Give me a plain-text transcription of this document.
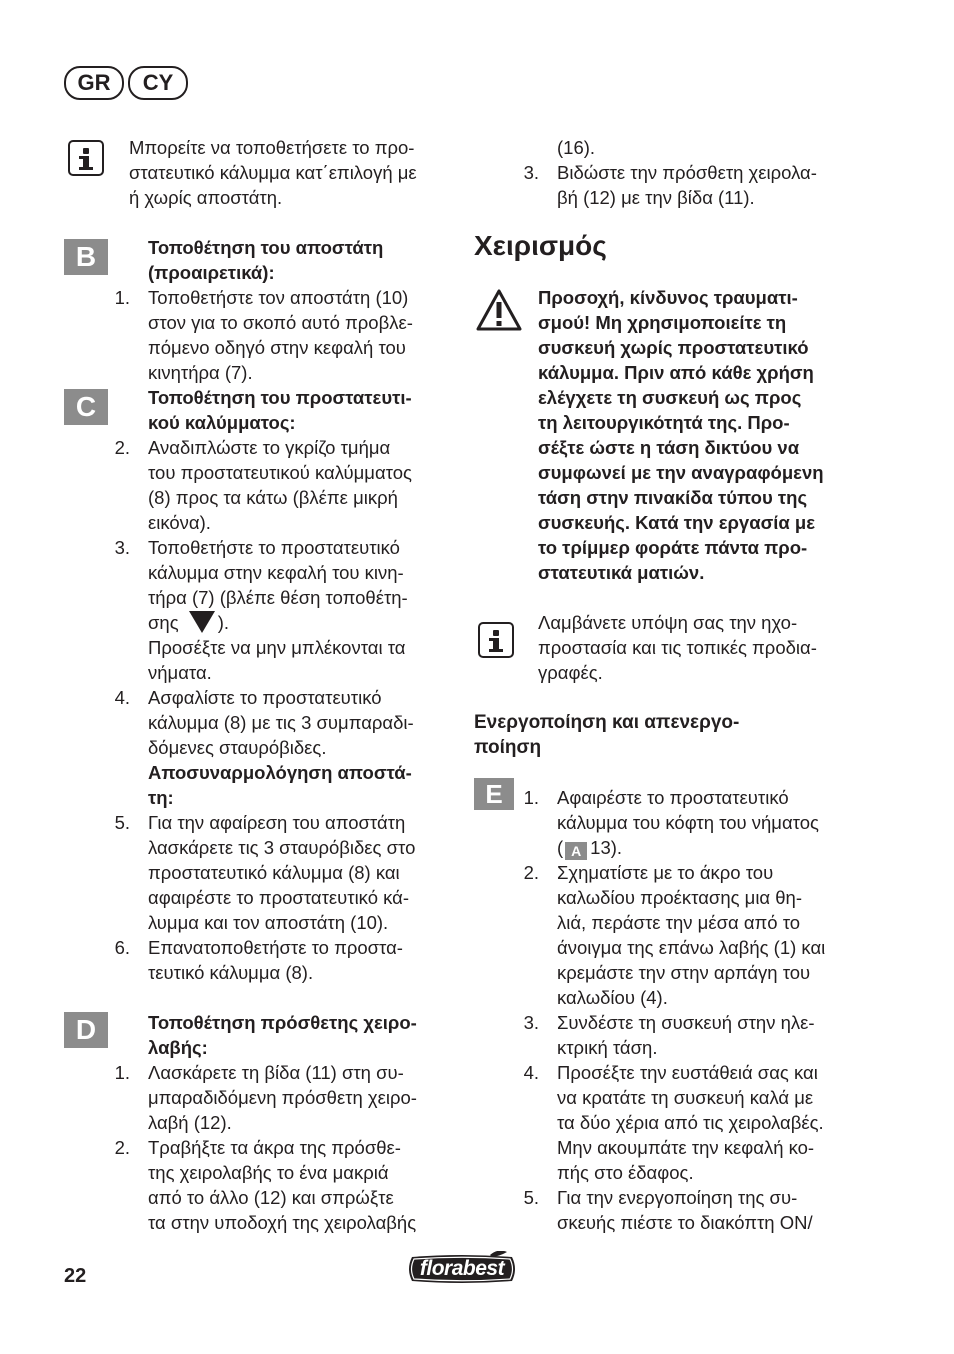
GR	CY
Μπορείτε να τοποθετήσετε το προ-
στατευτικό κάλυμμα κατ΄επιλογή με
ή χωρίς αποστάτη.
B	Τοποθέτηση του αποστάτη
(προαιρετικά):
1. Τοποθετήστε τον αποστάτη (10)
στον για το σκοπό αυτό προβλε-
πόμενο οδηγό στην κεφαλή του
κινητήρα (7).
C	Τοποθέτηση του προστατευτι-
κού καλύμματος:
2. Αναδιπλώστε το γκρίζο τμήμα
του προστατευτικού καλύμματος
(8) προς τα κάτω (βλέπε μικρή
εικόνα).
3. Τοποθετήστε το προστατευτικό
κάλυμμα στην κεφαλή του κινη-
τήρα (7) (βλέπε θέση τοποθέτη-
σης ).
Προσέξτε να μην μπλέκονται τα
νήματα.
4. Ασφαλίστε το προστατευτικό
κάλυμμα (8) με τις 3 συμπαραδι-
δόμενες σταυρόβιδες.
Αποσυναρμολόγηση αποστά-
τη:
5. Για την αφαίρεση του αποστάτη
λασκάρετε τις 3 σταυρόβιδες στο
προστατευτικό κάλυμμα (8) και
αφαιρέστε το προστατευτικό κά-
λυμμα και τον αποστάτη (10).
6. Επανατοποθετήστε το προστα-
τευτικό κάλυμμα (8).
D	Τοποθέτηση πρόσθετης χειρο-
λαβής:
1. Λασκάρετε τη βίδα (11) στη συ-
μπαραδιδόμενη πρόσθετη χειρο-
λαβή (12).
2. Τραβήξτε τα άκρα της πρόσθε-
της χειρολαβής το ένα μακριά
από το άλλο (12) και σπρώξτε
τα στην υποδοχή της χειρολαβής
(16).
3. Βιδώστε την πρόσθετη χειρολα-
βή (12) με την βίδα (11).
Χειρισμός
Προσοχή, κίνδυνος τραυματι-
σμού! Μη χρησιμοποιείτε τη
συσκευή χωρίς προστατευτικό
κάλυμμα. Πριν από κάθε χρήση
ελέγχετε τη συσκευή ως προς
τη λειτουργικότητά της. Προ-
σέξτε ώστε η τάση δικτύου να
συμφωνεί με την αναγραφόμενη
τάση στην πινακίδα τύπου της
συσκευής. Κατά την εργασία με
το τρίμμερ φοράτε πάντα προ-
στατευτικά ματιών.
Λαμβάνετε υπόψη σας την ηχο-
προστασία και τις τοπικές προδια-
γραφές.
Ενεργοποίηση και απενεργο-
ποίηση
E	1. Αφαιρέστε το προστατευτικό
κάλυμμα του κόφτη του νήματος
( A 13).
2. Σχηματίστε με το άκρο του
καλωδίου προέκτασης μια θη-
λιά, περάστε την μέσα από το
άνοιγμα της επάνω λαβής (1) και
κρεμάστε την στην αρπάγη του
καλωδίου (4).
3. Συνδέστε τη συσκευή στην ηλε-
κτρική τάση.
4. Προσέξτε την ευστάθειά σας και
να κρατάτε τη συσκευή καλά με
τα δύο χέρια από τις χειρολαβές.
Μην ακουμπάτε την κεφαλή κο-
πής στο έδαφος.
5. Για την ενεργοποίηση της συ-
σκευής πιέστε το διακόπτη ON/
22	florabest
